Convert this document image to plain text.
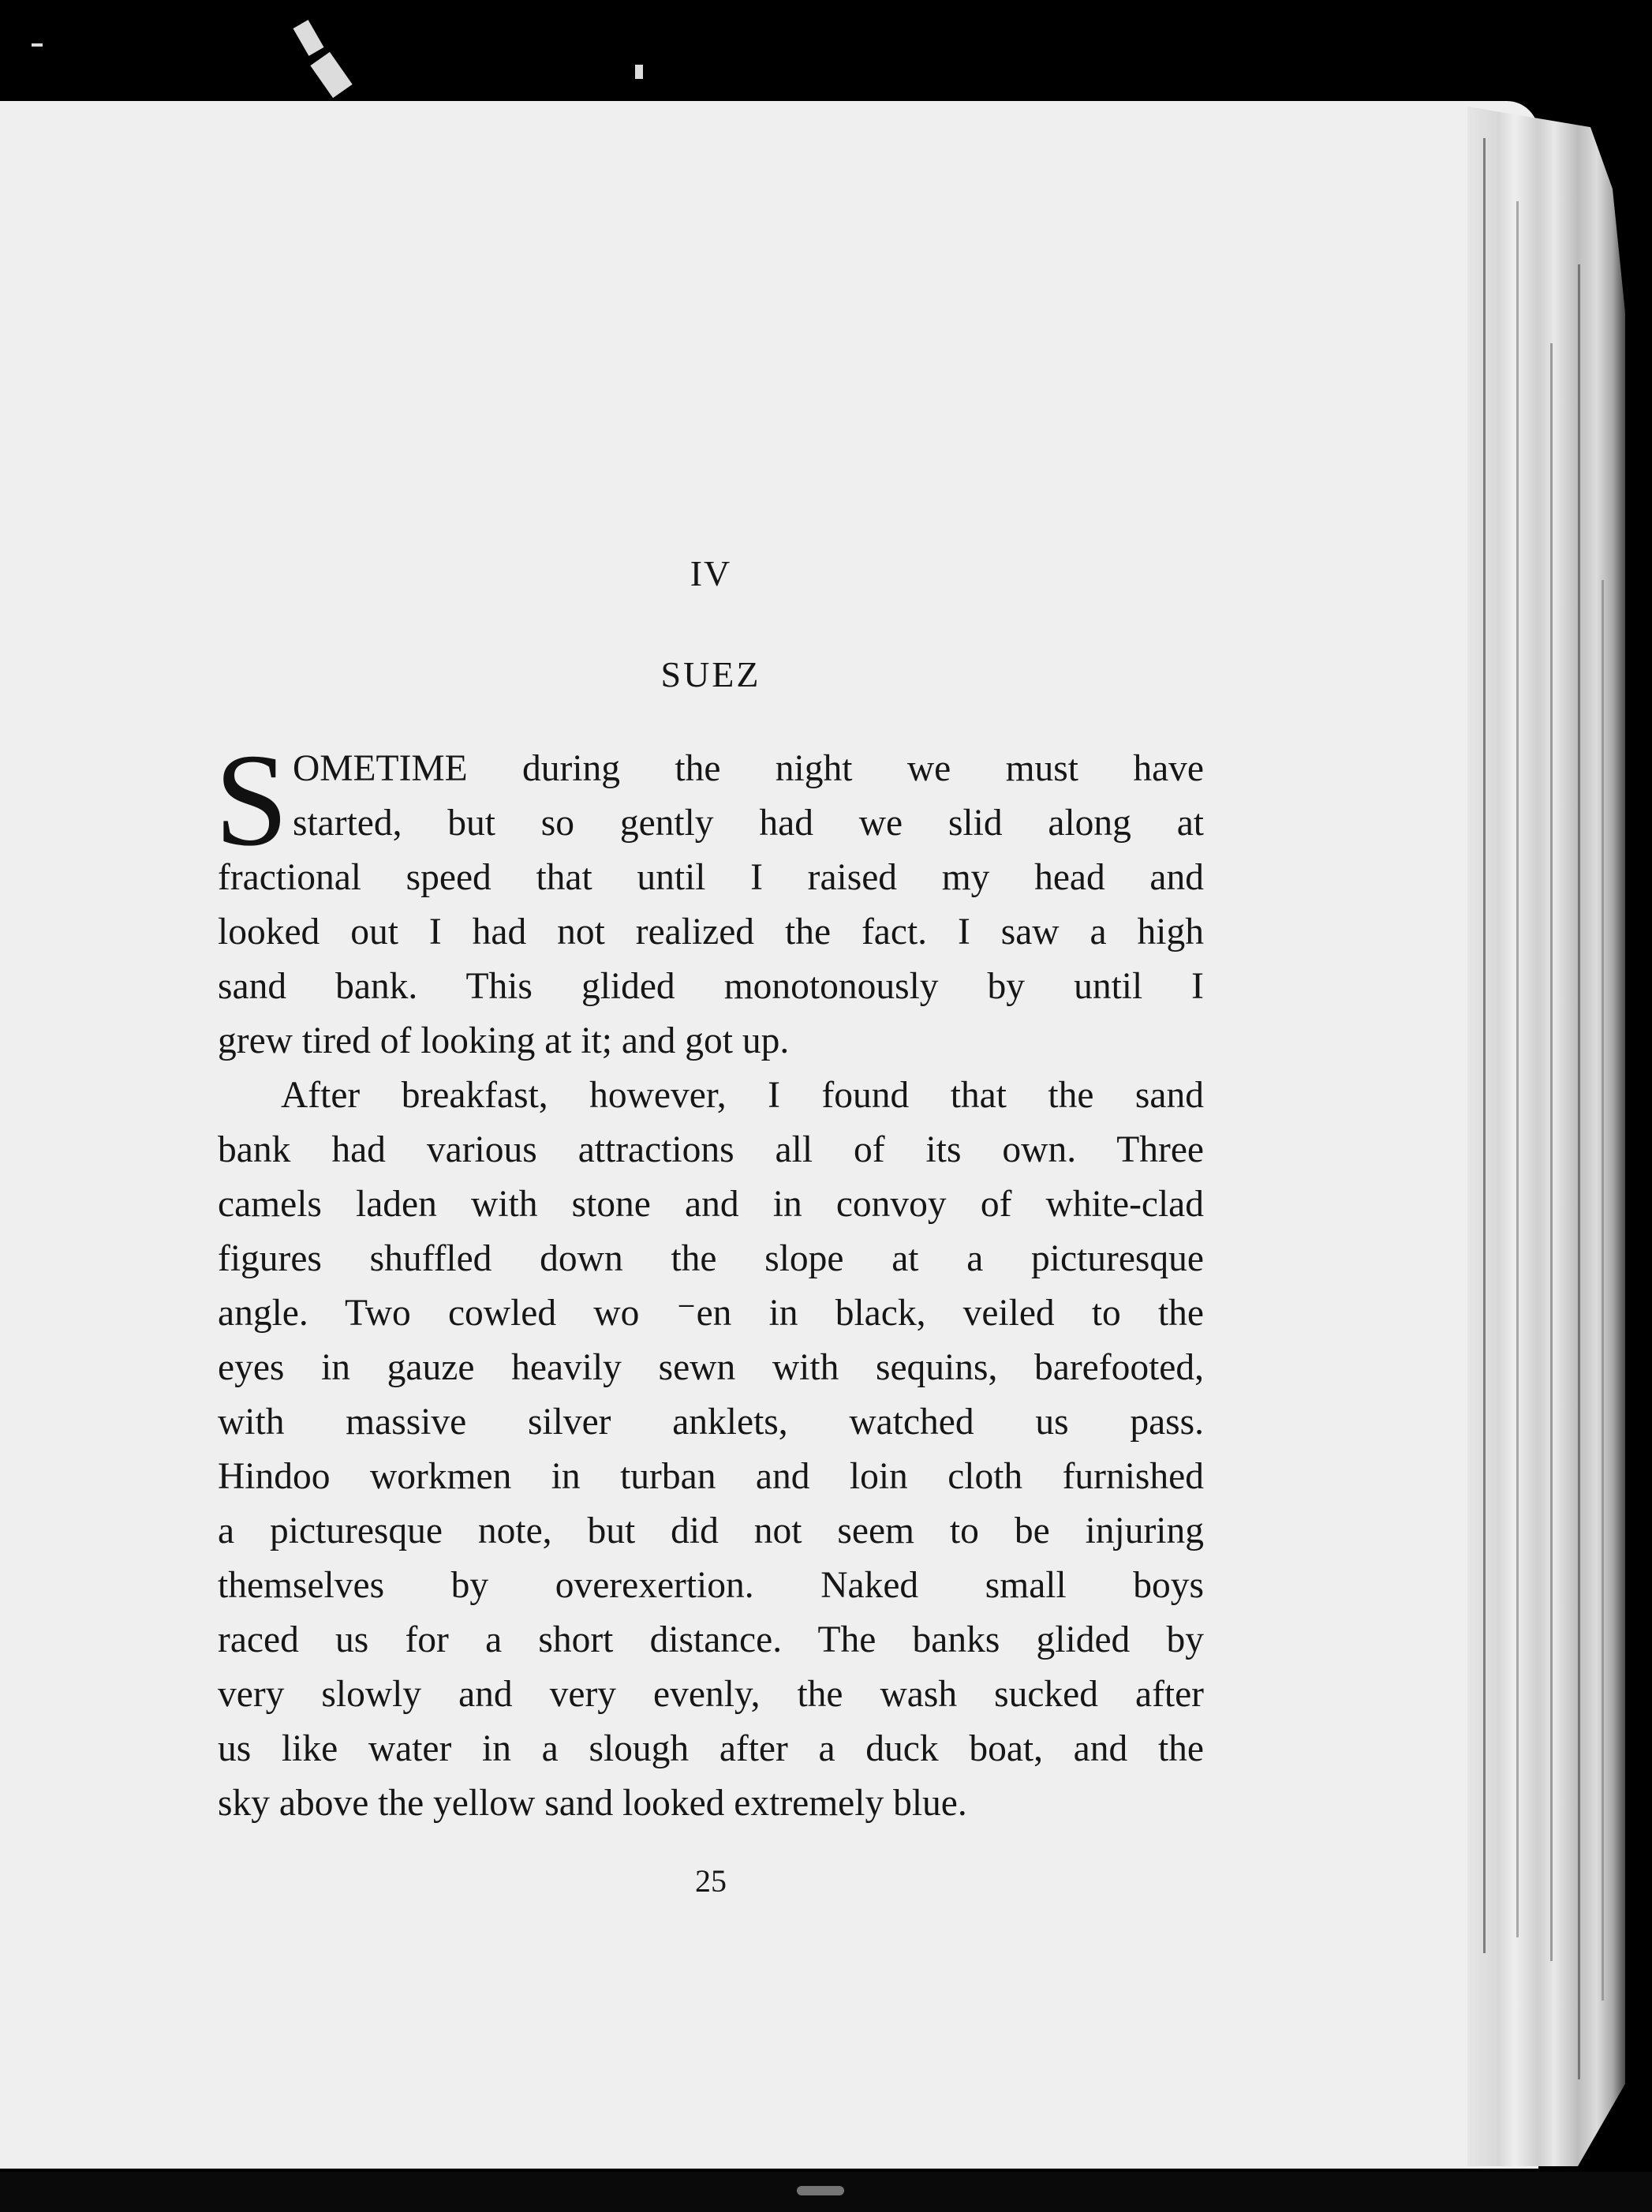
IV
SUEZ
S OMETIME during the night we must have
started, but so gently had we slid along at
fractional speed that until I raised my head and
looked out I had not realized the fact. I saw a high
sand bank. This glided monotonously by until I
grew tired of looking at it; and got up.
After breakfast, however, I found that the sand
bank had various attractions all of its own. Three
camels laden with stone and in convoy of white-clad
figures shuffled down the slope at a picturesque
angle. Two cowled wo ⁻en in black, veiled to the
eyes in gauze heavily sewn with sequins, barefooted,
with massive silver anklets, watched us pass.
Hindoo workmen in turban and loin cloth furnished
a picturesque note, but did not seem to be injuring
themselves by overexertion. Naked small boys
raced us for a short distance. The banks glided by
very slowly and very evenly, the wash sucked after
us like water in a slough after a duck boat, and the
sky above the yellow sand looked extremely blue.
25
